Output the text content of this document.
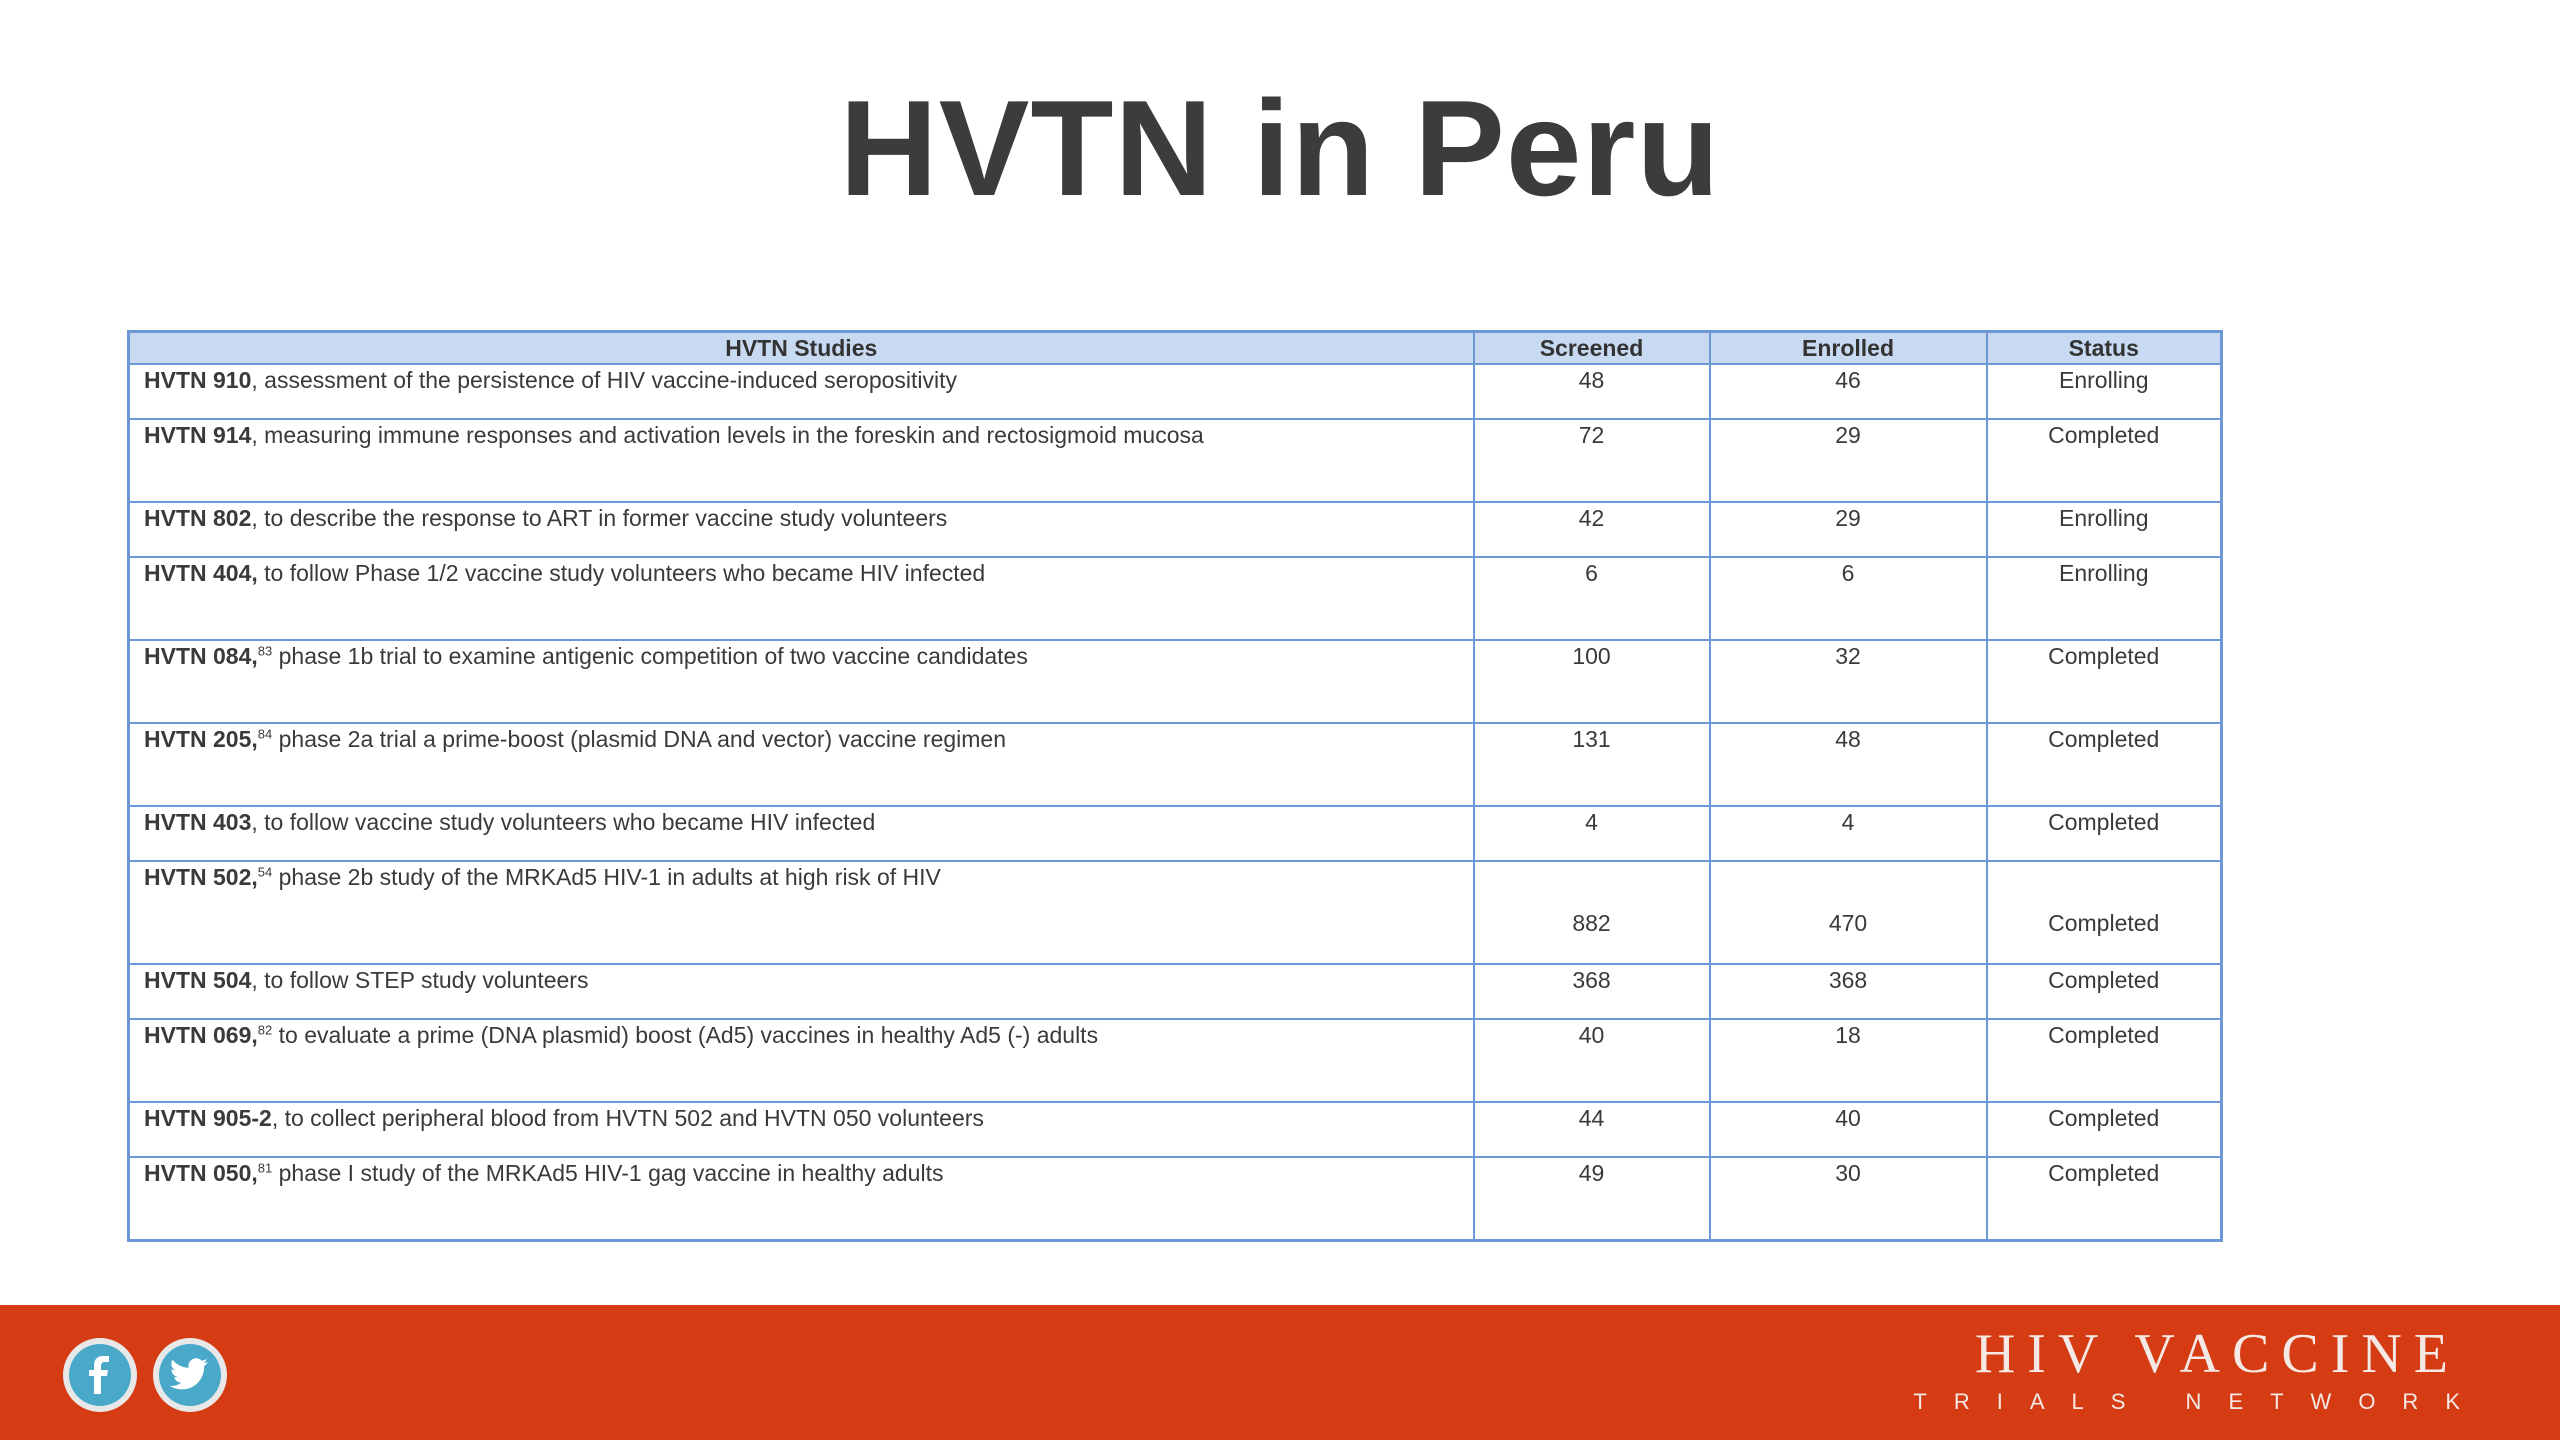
HVTN in Peru
HVTN Studies	Screened	Enrolled	Status
HVTN 910, assessment of the persistence of HIV vaccine-induced seropositivity	48	46	Enrolling
HVTN 914, measuring immune responses and activation levels in the foreskin and rectosigmoid mucosa	72	29	Completed
HVTN 802, to describe the response to ART in former vaccine study volunteers	42	29	Enrolling
HVTN 404, to follow Phase 1/2 vaccine study volunteers who became HIV infected	6	6	Enrolling
HVTN 084,83 phase 1b trial to examine antigenic competition of two vaccine candidates	100	32	Completed
HVTN 205,84 phase 2a trial a prime-boost (plasmid DNA and vector) vaccine regimen	131	48	Completed
HVTN 403, to follow vaccine study volunteers who became HIV infected	4	4	Completed
HVTN 502,54 phase 2b study of the MRKAd5 HIV-1 in adults at high risk of HIV	882	470	Completed
HVTN 504, to follow STEP study volunteers	368	368	Completed
HVTN 069,82 to evaluate a prime (DNA plasmid) boost (Ad5) vaccines in healthy Ad5 (-) adults	40	18	Completed
HVTN 905-2, to collect peripheral blood from HVTN 502 and HVTN 050 volunteers	44	40	Completed
HVTN 050,81 phase I study of the MRKAd5 HIV-1 gag vaccine in healthy adults	49	30	Completed
HIV VACCINE
TRIALS NETWORK
